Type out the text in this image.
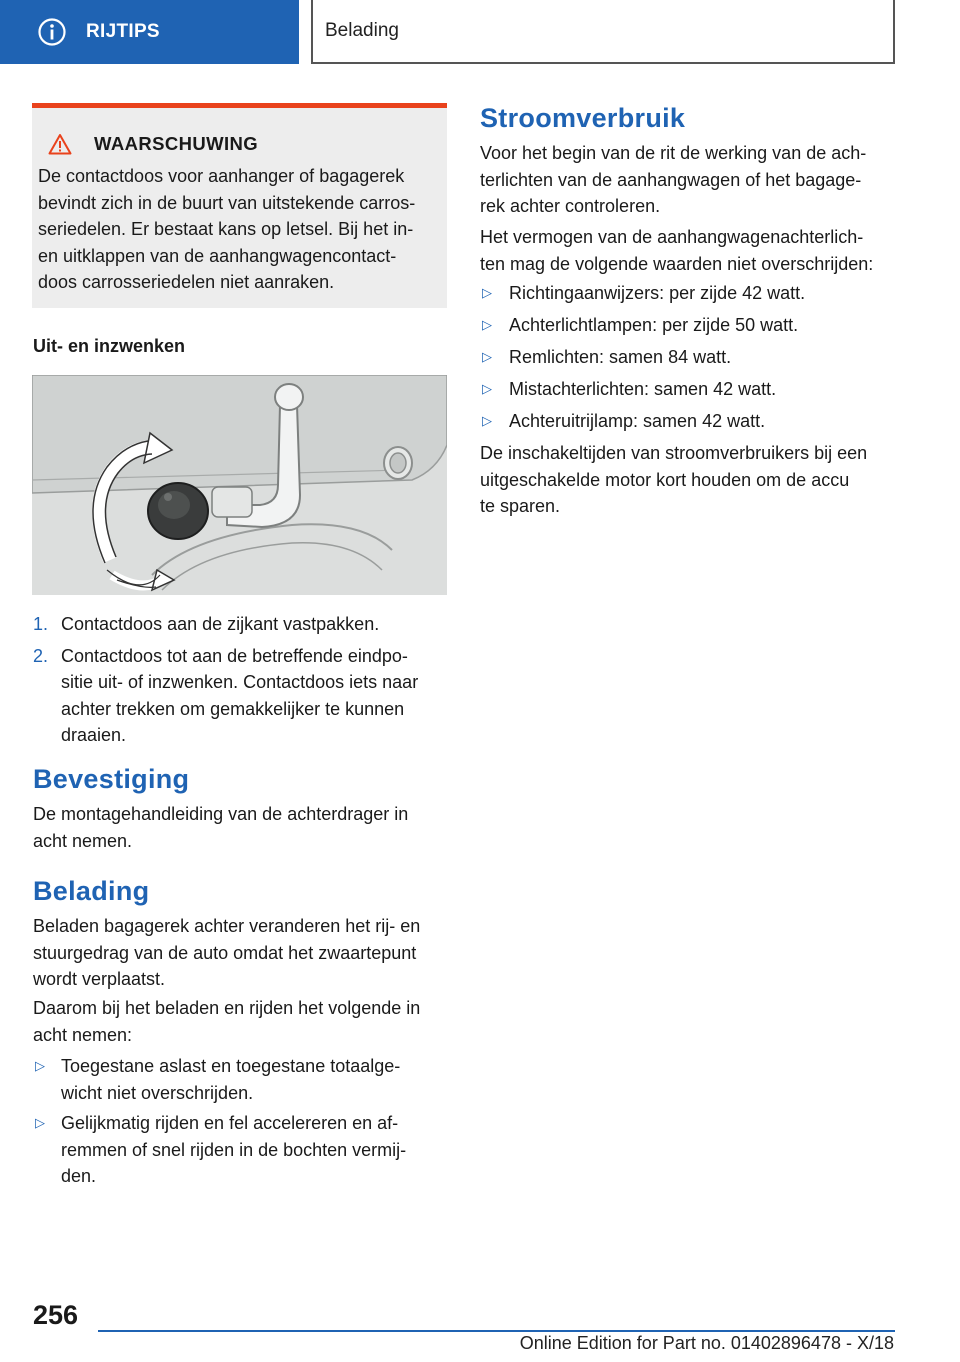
RIJTIPS	Belading
WAARSCHUWING
De contactdoos voor aanhanger of bagagerek
bevindt zich in de buurt van uitstekende carros-
seriedelen. Er bestaat kans op letsel. Bij het in-
en uitklappen van de aanhangwagencontact-
doos carrosseriedelen niet aanraken.
Uit- en inzwenken
1. Contactdoos aan de zijkant vastpakken.
2. Contactdoos tot aan de betreffende eindpo-
sitie uit- of inzwenken. Contactdoos iets naar
achter trekken om gemakkelijker te kunnen
draaien.
Bevestiging
De montagehandleiding van de achterdrager in
acht nemen.
Belading
Beladen bagagerek achter veranderen het rij- en
stuurgedrag van de auto omdat het zwaartepunt
wordt verplaatst.
Daarom bij het beladen en rijden het volgende in
acht nemen:
▷ Toegestane aslast en toegestane totaalge-
wicht niet overschrijden.
▷ Gelijkmatig rijden en fel accelereren en af-
remmen of snel rijden in de bochten vermij-
den.
Stroomverbruik
Voor het begin van de rit de werking van de ach-
terlichten van de aanhangwagen of het bagage-
rek achter controleren.
Het vermogen van de aanhangwagenachterlich-
ten mag de volgende waarden niet overschrijden:
▷ Richtingaanwijzers: per zijde 42 watt.
▷ Achterlichtlampen: per zijde 50 watt.
▷ Remlichten: samen 84 watt.
▷ Mistachterlichten: samen 42 watt.
▷ Achteruitrijlamp: samen 42 watt.
De inschakeltijden van stroomverbruikers bij een
uitgeschakelde motor kort houden om de accu
te sparen.
256
Online Edition for Part no. 01402896478 - X/18
